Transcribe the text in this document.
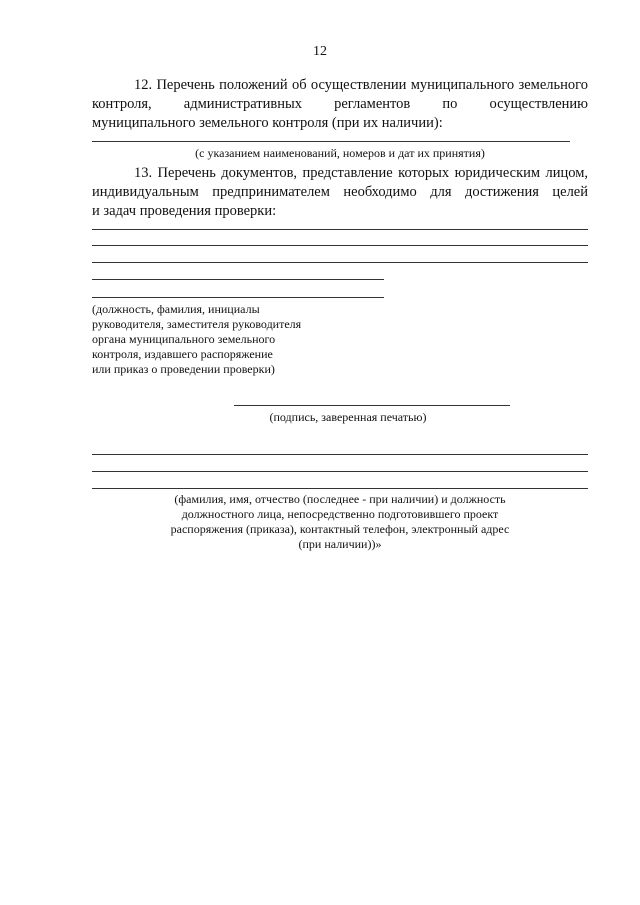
12
12. Перечень положений об осуществлении муниципального земельного
контроля, административных регламентов по осуществлению
муниципального земельного контроля (при их наличии):
(с указанием наименований, номеров и дат их принятия)
13. Перечень документов, представление которых юридическим лицом,
индивидуальным предпринимателем необходимо для достижения целей
и задач проведения проверки:
(должность, фамилия, инициалы
руководителя, заместителя руководителя
органа муниципального земельного
контроля, издавшего распоряжение
или приказ о проведении проверки)
(подпись, заверенная печатью)
(фамилия, имя, отчество (последнее - при наличии) и должность
должностного лица, непосредственно подготовившего проект
распоряжения (приказа), контактный телефон, электронный адрес
(при наличии))»
